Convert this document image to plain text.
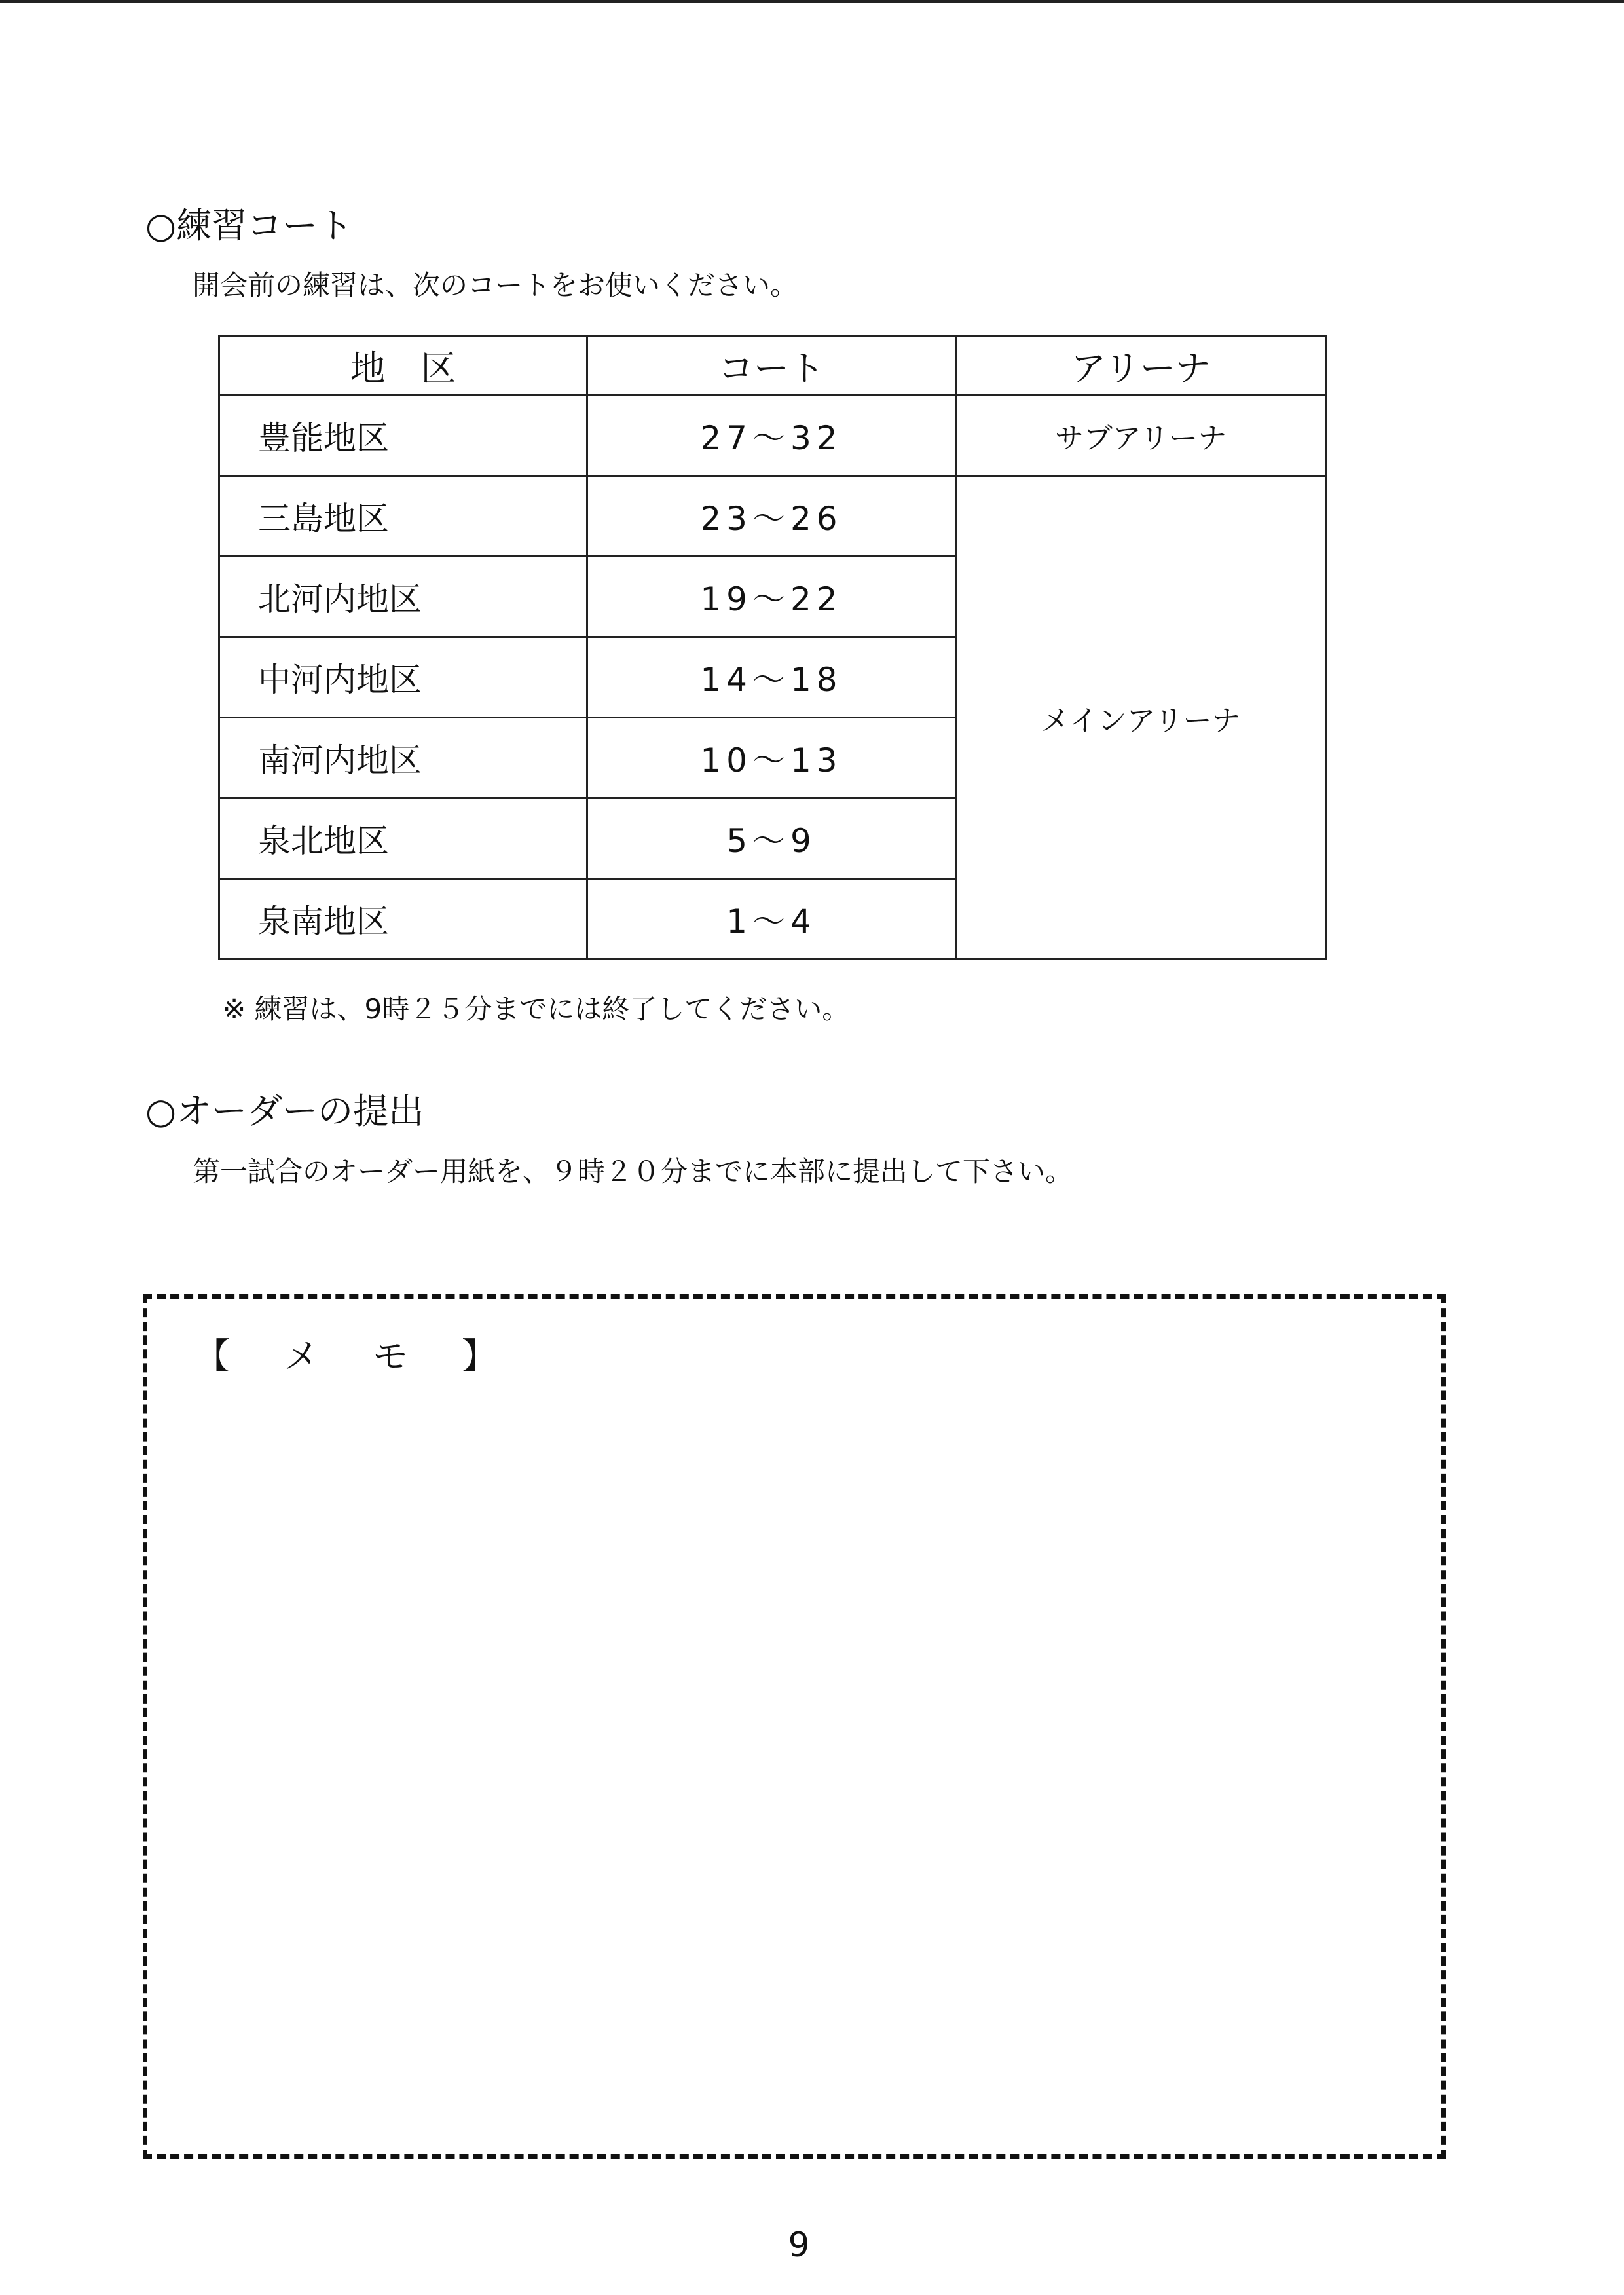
○練習コート
開会前の練習は、次のコートをお使いください。
地　区	コート	アリーナ
豊能地区	27～32	サブアリーナ
三島地区	23～26	メインアリーナ
北河内地区	19～22	
中河内地区	14～18	
南河内地区	10～13	
泉北地区	5～9	
泉南地区	1～4	
※ 練習は、9時２５分までには終了してください。
○オーダーの提出
第一試合のオーダー用紙を、９時２０分までに本部に提出して下さい。
【　メ　モ　】
9
